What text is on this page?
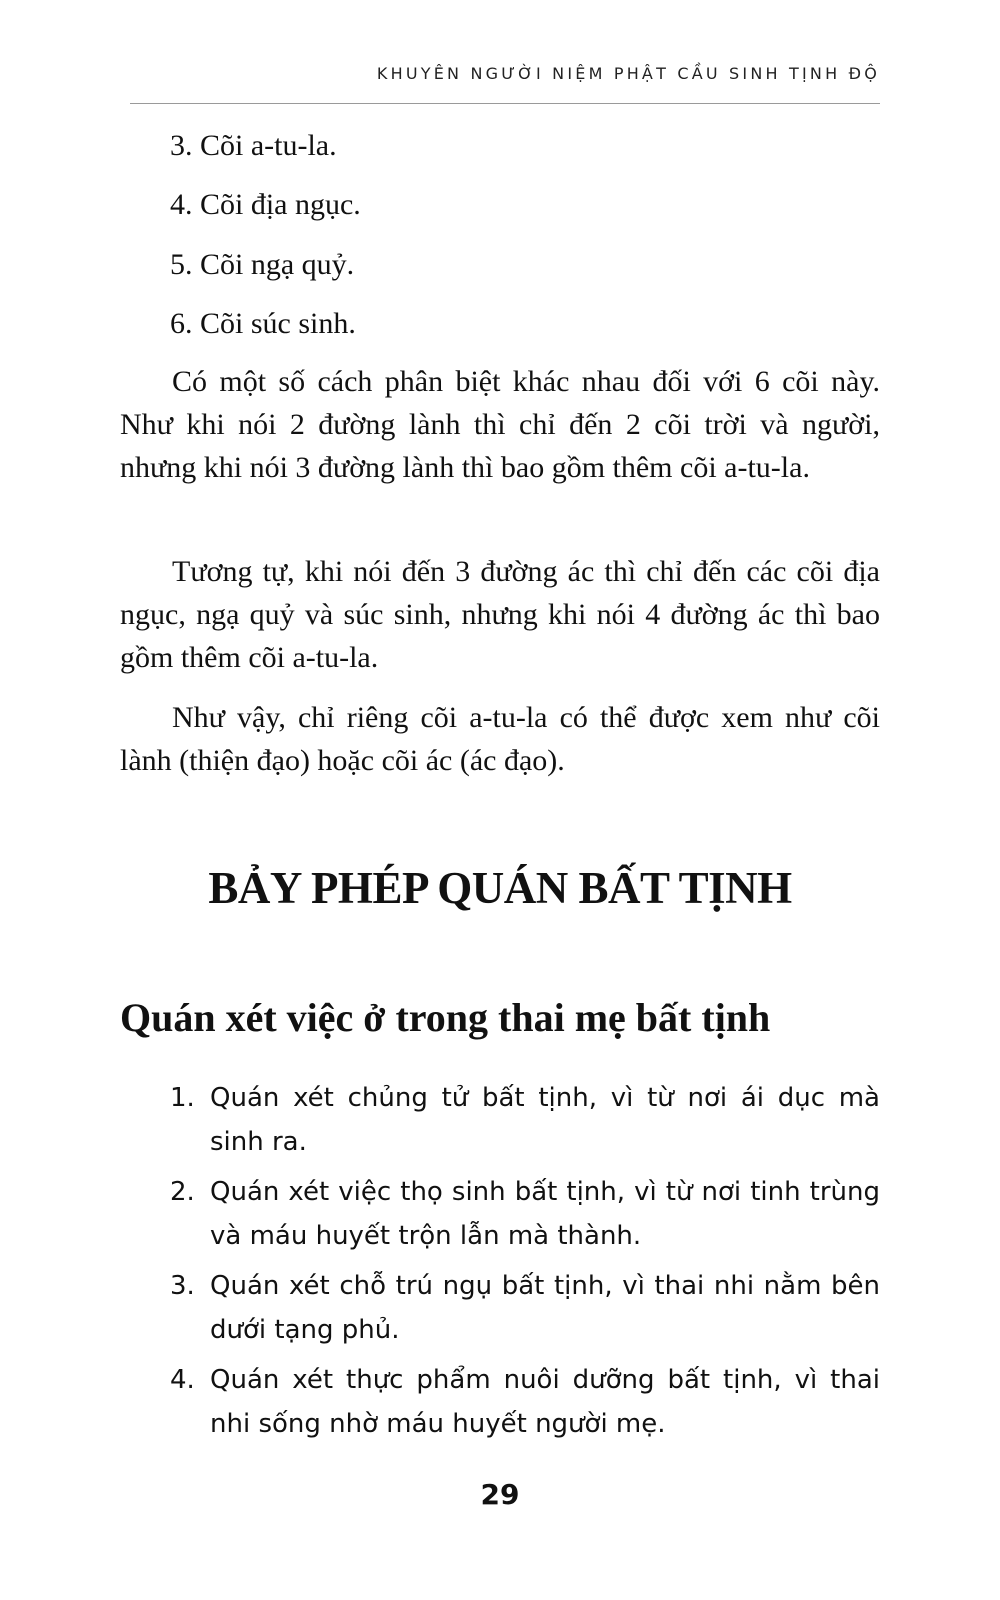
KHUYÊN NGƯỜI NIỆM PHẬT CẦU SINH TỊNH ĐỘ
3. Cõi a-tu-la.
4. Cõi địa ngục.
5. Cõi ngạ quỷ.
6. Cõi súc sinh.

Có một số cách phân biệt khác nhau đối với 6 cõi này. Như khi nói 2 đường lành thì chỉ đến 2 cõi trời và người, nhưng khi nói 3 đường lành thì bao gồm thêm cõi a-tu-la.

Tương tự, khi nói đến 3 đường ác thì chỉ đến các cõi địa ngục, ngạ quỷ và súc sinh, nhưng khi nói 4 đường ác thì bao gồm thêm cõi a-tu-la.

Như vậy, chỉ riêng cõi a-tu-la có thể được xem như cõi lành (thiện đạo) hoặc cõi ác (ác đạo).

BẢY PHÉP QUÁN BẤT TỊNH
Quán xét việc ở trong thai mẹ bất tịnh
1. Quán xét chủng tử bất tịnh, vì từ nơi ái dục mà sinh ra.
2. Quán xét việc thọ sinh bất tịnh, vì từ nơi tinh trùng và máu huyết trộn lẫn mà thành.
3. Quán xét chỗ trú ngụ bất tịnh, vì thai nhi nằm bên dưới tạng phủ.
4. Quán xét thực phẩm nuôi dưỡng bất tịnh, vì thai nhi sống nhờ máu huyết người mẹ.
29
